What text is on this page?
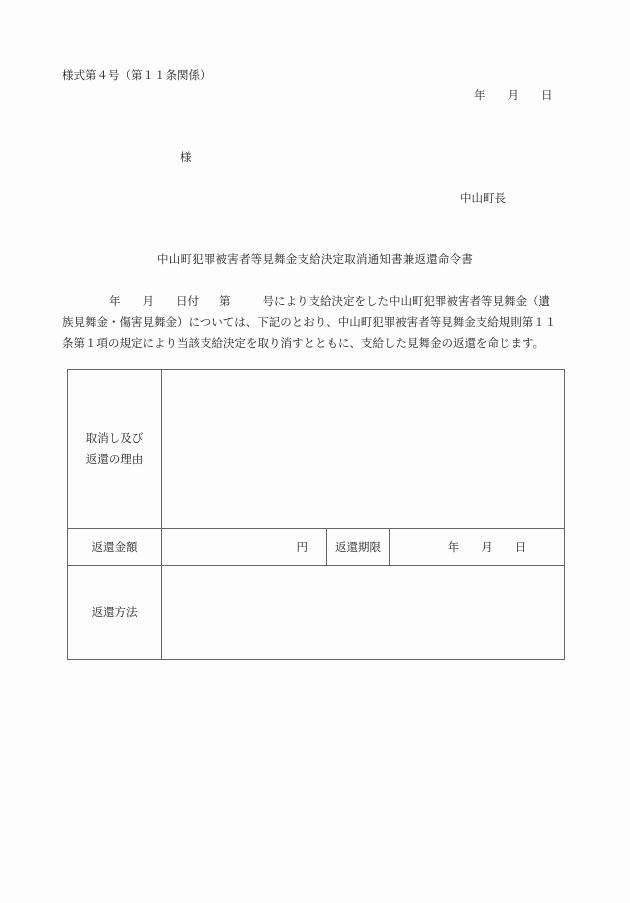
様式第４号（第１１条関係）
年 月 日
様
中山町長
中山町犯罪被害者等見舞金支給決定取消通知書兼返還命令書
年 月 日付 第	号により支給決定をした中山町犯罪被害者等見舞金（遺
族見舞金・傷害見舞金）については、下記のとおり、中山町犯罪被害者等見舞金支給規則第１１
条第１項の規定により当該支給決定を取り消すとともに、支給した見舞金の返還を命じます。
取消し及び
返還の理由			

返還金額	円	返還期限	年 月 日
返還方法			
